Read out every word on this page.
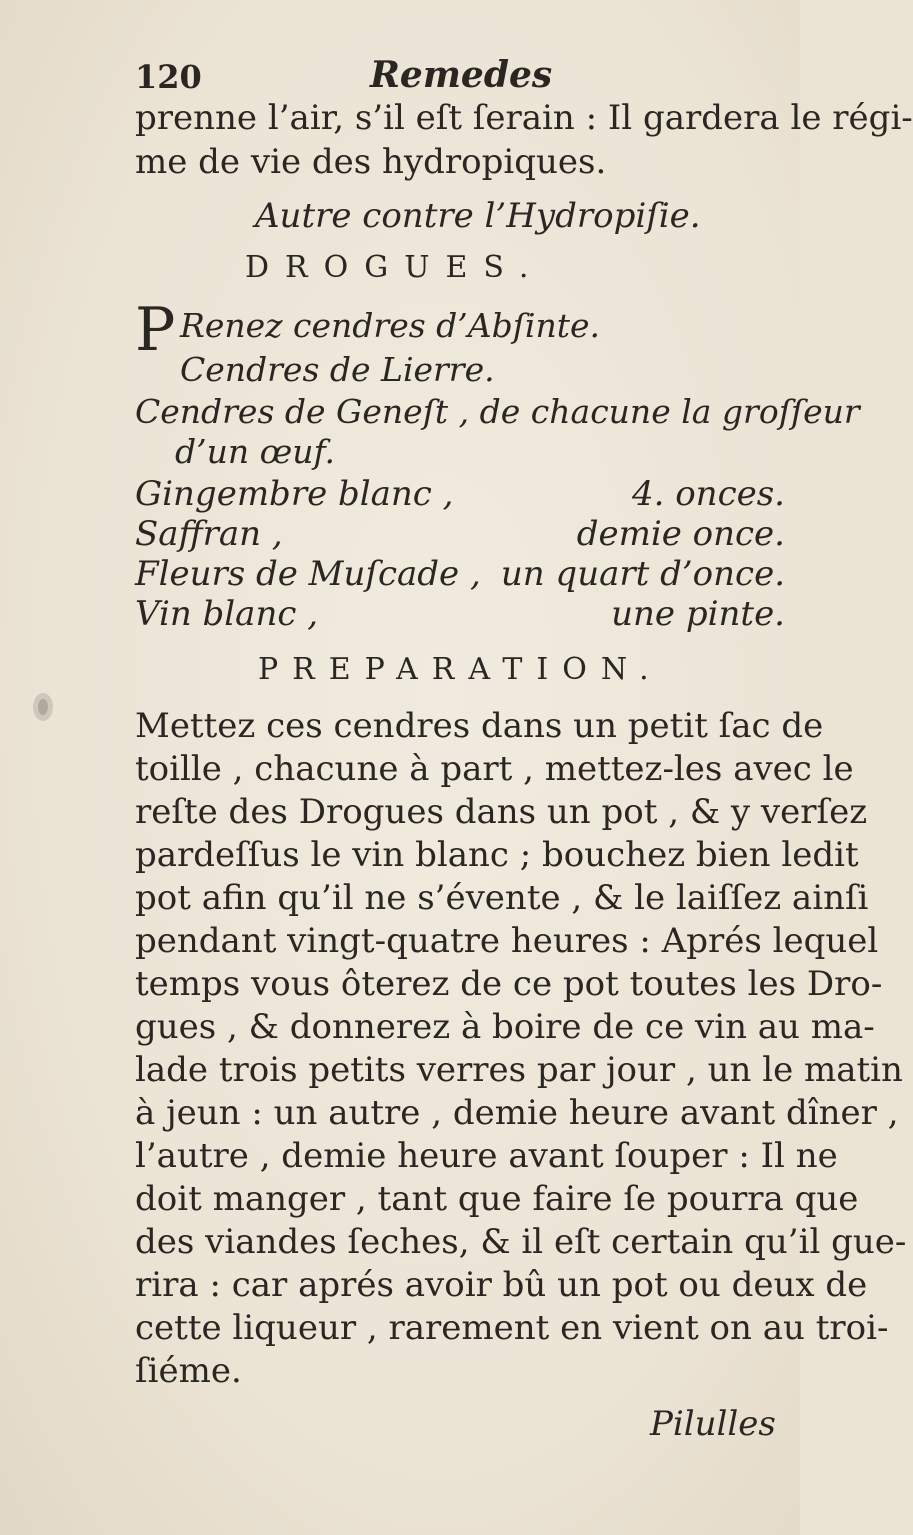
120	Remedes
prenne l’air, s’il eſt ſerain : Il gardera le régi-
me de vie des hydropiques.
Autre contre l’Hydropiſie.
DROGUES.
P Renez cendres d’Abſinte.
Cendres de Lierre.
Cendres de Geneſt , de chacune la groſſeur
d’un œuf.
Gingembre blanc ,	4. onces.
Saffran ,	demie once.
Fleurs de Muſcade , un quart d’once.
Vin blanc ,	une pinte.
PREPARATION.
Mettez ces cendres dans un petit ſac de
toille , chacune à part , mettez-les avec le
reſte des Drogues dans un pot , & y verſez
pardeſſus le vin blanc ; bouchez bien ledit
pot afin qu’il ne s’évente , & le laiſſez ainſi
pendant vingt-quatre heures : Aprés lequel
temps vous ôterez de ce pot toutes les Dro-
gues , & donnerez à boire de ce vin au ma-
lade trois petits verres par jour , un le matin
à jeun : un autre , demie heure avant dîner ,
l’autre , demie heure avant ſouper : Il ne
doit manger , tant que faire ſe pourra que
des viandes ſeches, & il eſt certain qu’il gue-
rira : car aprés avoir bû un pot ou deux de
cette liqueur , rarement en vient on au troi-
ſiéme.
Pilulles
